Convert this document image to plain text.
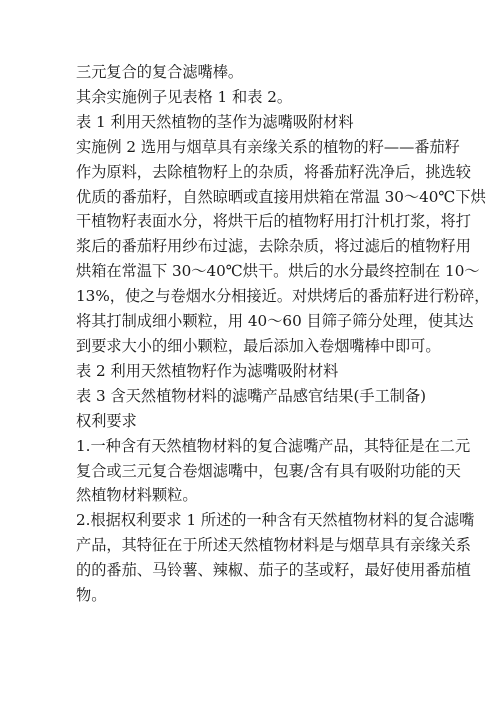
三元复合的复合滤嘴棒。
其余实施例子见表格 1 和表 2。
表 1 利用天然植物的茎作为滤嘴吸附材料
实施例 2 选用与烟草具有亲缘关系的植物的籽——番茄籽
作为原料，去除植物籽上的杂质，将番茄籽洗净后，挑选较
优质的番茄籽，自然晾晒或直接用烘箱在常温 30～40℃下烘
干植物籽表面水分，将烘干后的植物籽用打汁机打浆，将打
浆后的番茄籽用纱布过滤，去除杂质，将过滤后的植物籽用
烘箱在常温下 30～40℃烘干。烘后的水分最终控制在 10～
13%，使之与卷烟水分相接近。对烘烤后的番茄籽进行粉碎，
将其打制成细小颗粒，用 40～60 目筛子筛分处理，使其达
到要求大小的细小颗粒，最后添加入卷烟嘴棒中即可。
表 2 利用天然植物籽作为滤嘴吸附材料
表 3 含天然植物材料的滤嘴产品感官结果(手工制备)
权利要求
1.一种含有天然植物材料的复合滤嘴产品，其特征是在二元
复合或三元复合卷烟滤嘴中，包裹/含有具有吸附功能的天
然植物材料颗粒。
2.根据权利要求 1 所述的一种含有天然植物材料的复合滤嘴
产品，其特征在于所述天然植物材料是与烟草具有亲缘关系
的的番茄、马铃薯、辣椒、茄子的茎或籽，最好使用番茄植
物。
